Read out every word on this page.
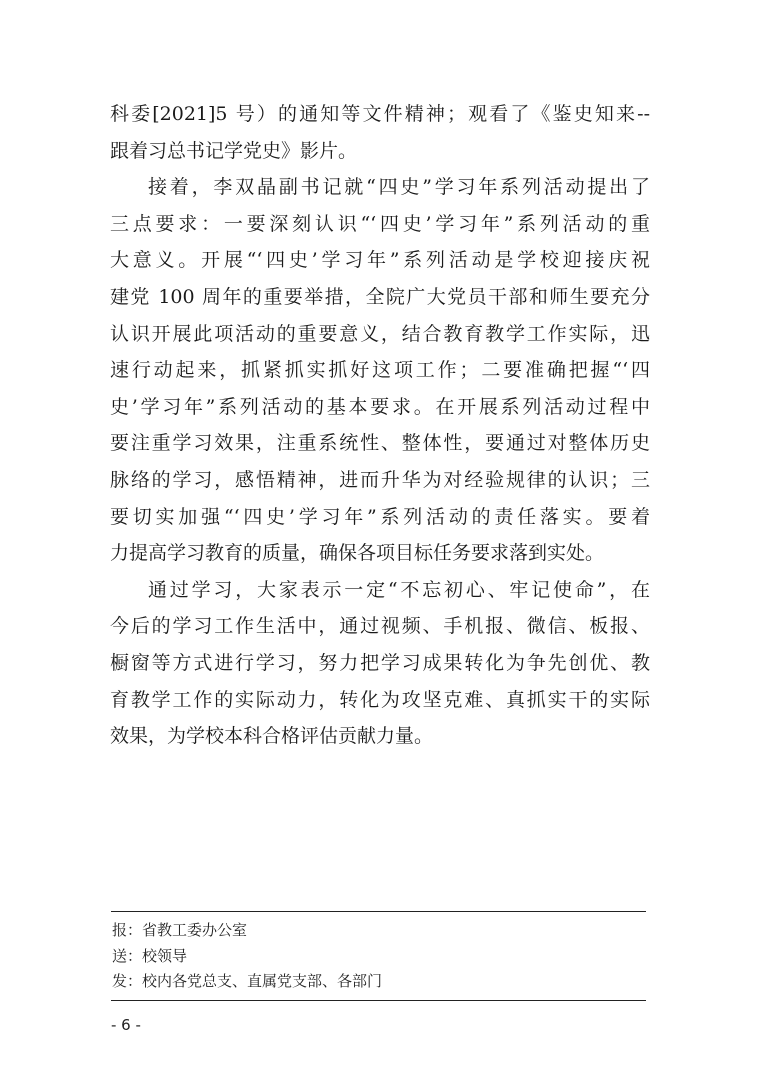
科委[2021]5 号）的通知等文件精神；观看了《鉴史知来--
跟着习总书记学党史》影片。
接着，李双晶副书记就“四史”学习年系列活动提出了
三点要求：一要深刻认识“‘四史’学习年”系列活动的重
大意义。开展“‘四史’学习年”系列活动是学校迎接庆祝
建党 100 周年的重要举措，全院广大党员干部和师生要充分
认识开展此项活动的重要意义，结合教育教学工作实际，迅
速行动起来，抓紧抓实抓好这项工作；二要准确把握“‘四
史’学习年”系列活动的基本要求。在开展系列活动过程中
要注重学习效果，注重系统性、整体性，要通过对整体历史
脉络的学习，感悟精神，进而升华为对经验规律的认识；三
要切实加强“‘四史’学习年”系列活动的责任落实。要着
力提高学习教育的质量，确保各项目标任务要求落到实处。
通过学习，大家表示一定“不忘初心、牢记使命”，在
今后的学习工作生活中，通过视频、手机报、微信、板报、
橱窗等方式进行学习，努力把学习成果转化为争先创优、教
育教学工作的实际动力，转化为攻坚克难、真抓实干的实际
效果，为学校本科合格评估贡献力量。
报：省教工委办公室
送：校领导
发：校内各党总支、直属党支部、各部门
- 6 -
